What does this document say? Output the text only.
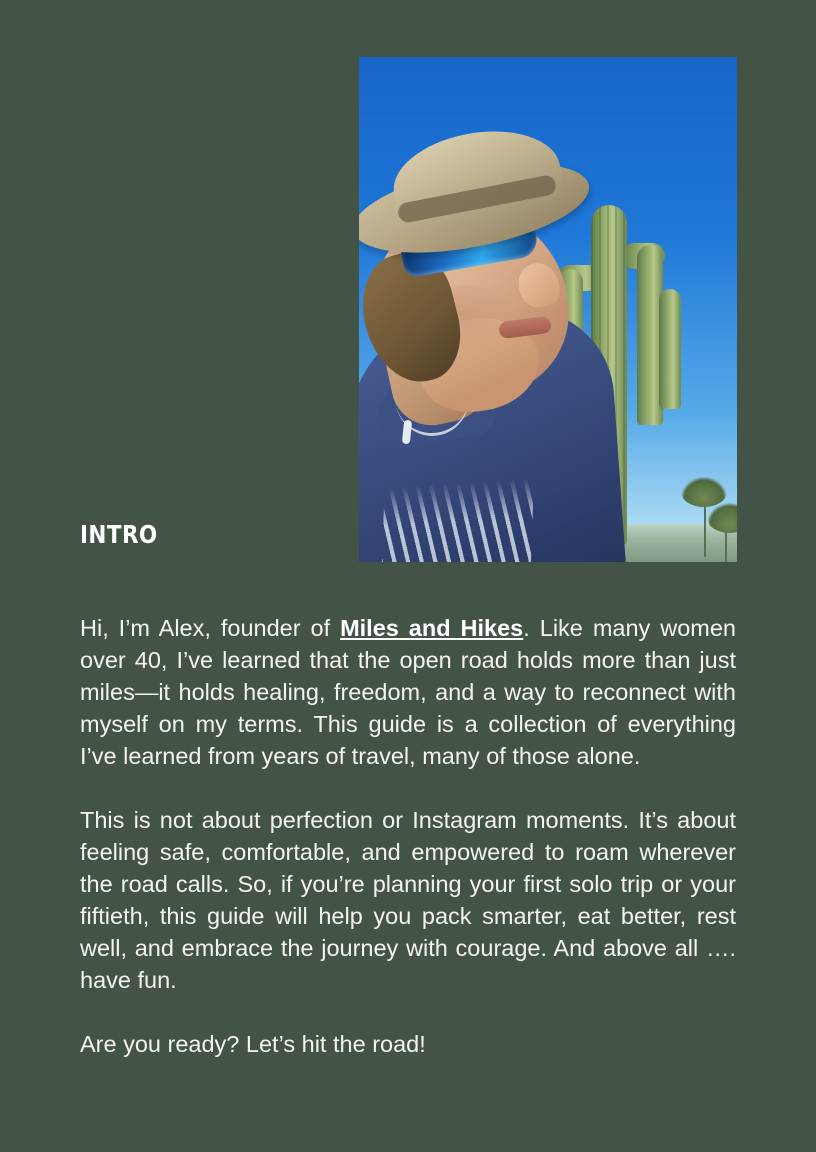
INTRO

Hi, I’m Alex, founder of Miles and Hikes. Like many women over 40, I’ve learned that the open road holds more than just miles—it holds healing, freedom, and a way to reconnect with myself on my terms. This guide is a collection of everything I’ve learned from years of travel, many of those alone.

This is not about perfection or Instagram moments. It’s about feeling safe, comfortable, and empowered to roam wherever the road calls. So, if you’re planning your first solo trip or your fiftieth, this guide will help you pack smarter, eat better, rest well, and embrace the journey with courage. And above all …. have fun.

Are you ready? Let’s hit the road!
